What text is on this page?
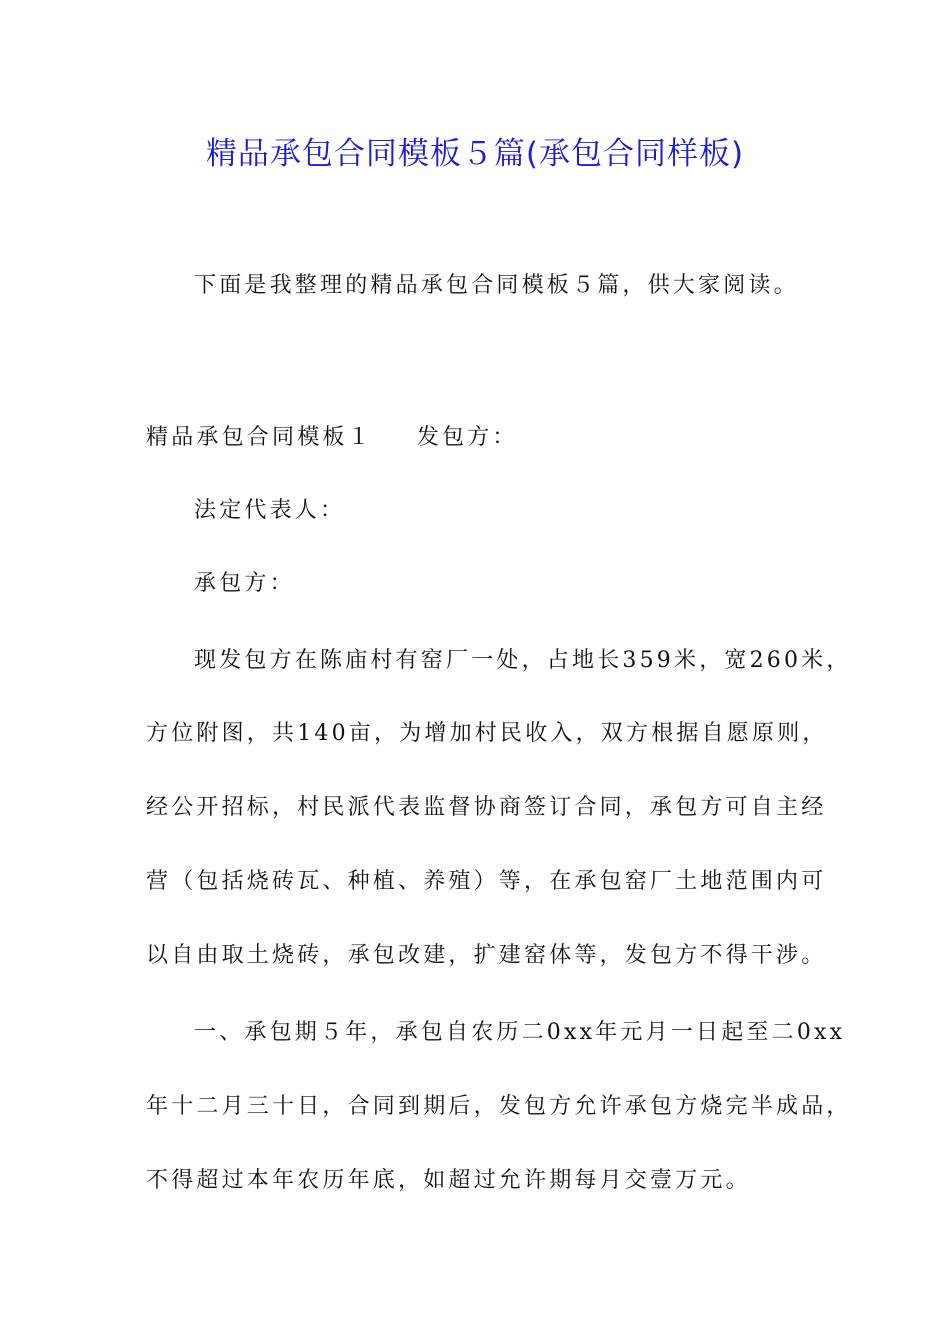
精品承包合同模板５篇(承包合同样板)
下面是我整理的精品承包合同模板５篇，供大家阅读。
精品承包合同模板１ 发包方：
法定代表人：
承包方：
现发包方在陈庙村有窑厂一处，占地长359米，宽260米，
方位附图，共140亩，为增加村民收入，双方根据自愿原则，
经公开招标，村民派代表监督协商签订合同，承包方可自主经
营（包括烧砖瓦、种植、养殖）等，在承包窑厂土地范围内可
以自由取土烧砖，承包改建，扩建窑体等，发包方不得干涉。
一、承包期５年，承包自农历二0xx年元月一日起至二0xx
年十二月三十日，合同到期后，发包方允许承包方烧完半成品，
不得超过本年农历年底，如超过允许期每月交壹万元。
